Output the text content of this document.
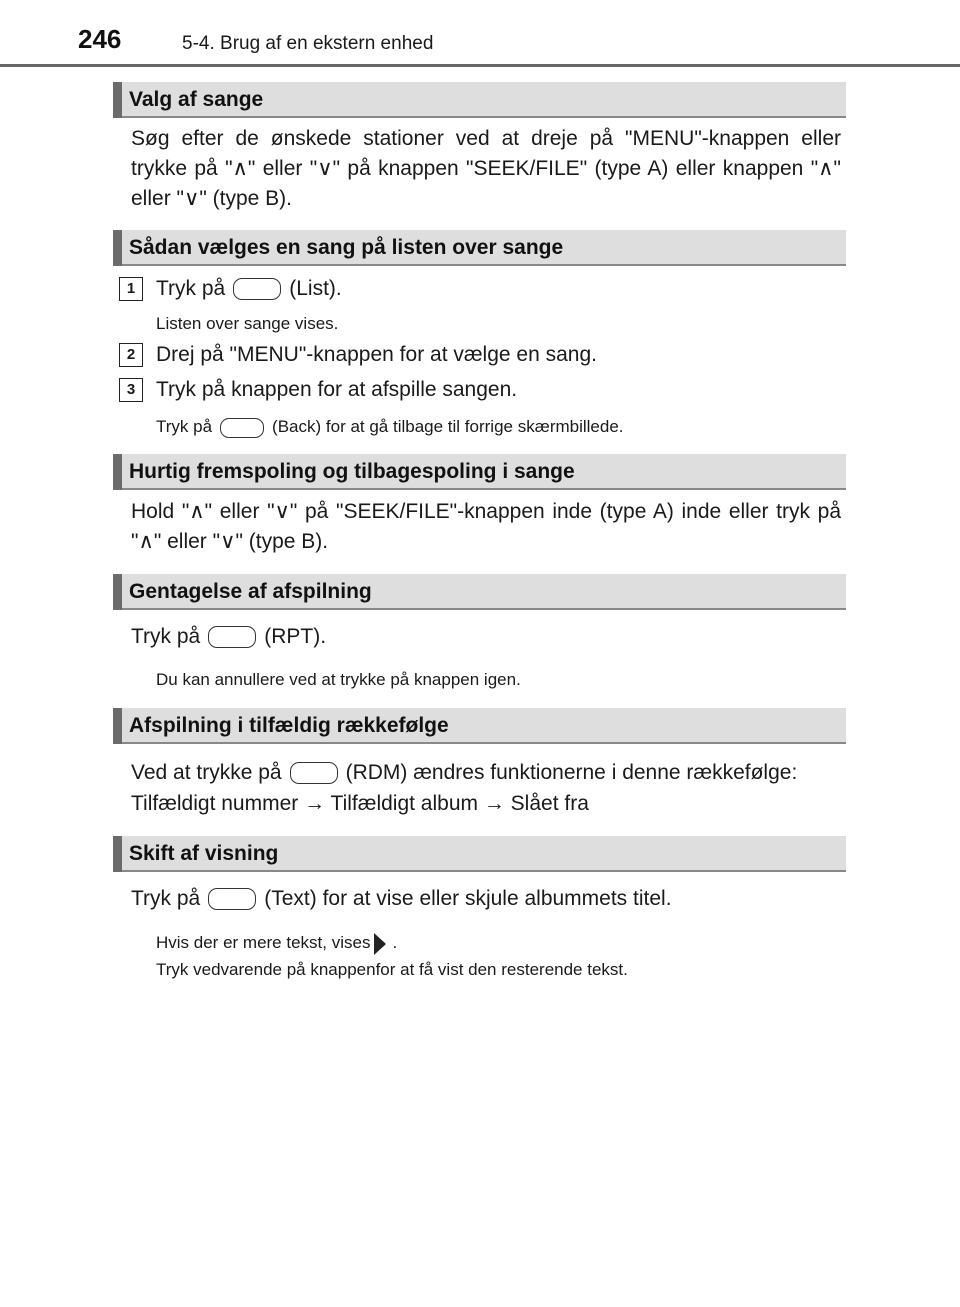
246	5-4. Brug af en ekstern enhed
Valg af sange
Søg efter de ønskede stationer ved at dreje på "MENU"-knappen eller trykke på "∧" eller "∨" på knappen "SEEK/FILE" (type A) eller knappen "∧" eller "∨" (type B).
Sådan vælges en sang på listen over sange
1 Tryk på	(List).
Listen over sange vises.
2 Drej på "MENU"-knappen for at vælge en sang.
3 Tryk på knappen for at afspille sangen.
Tryk på	(Back) for at gå tilbage til forrige skærmbillede.
Hurtig fremspoling og tilbagespoling i sange
Hold "∧" eller "∨" på "SEEK/FILE"-knappen inde (type A) inde eller tryk på "∧" eller "∨" (type B).
Gentagelse af afspilning
Tryk på	(RPT).
Du kan annullere ved at trykke på knappen igen.
Afspilning i tilfældig rækkefølge
Ved at trykke på	(RDM) ændres funktionerne i denne rækkefølge:
Tilfældigt nummer → Tilfældigt album → Slået fra
Skift af visning
Tryk på	(Text) for at vise eller skjule albummets titel.
Hvis der er mere tekst, vises .
Tryk vedvarende på knappenfor at få vist den resterende tekst.
